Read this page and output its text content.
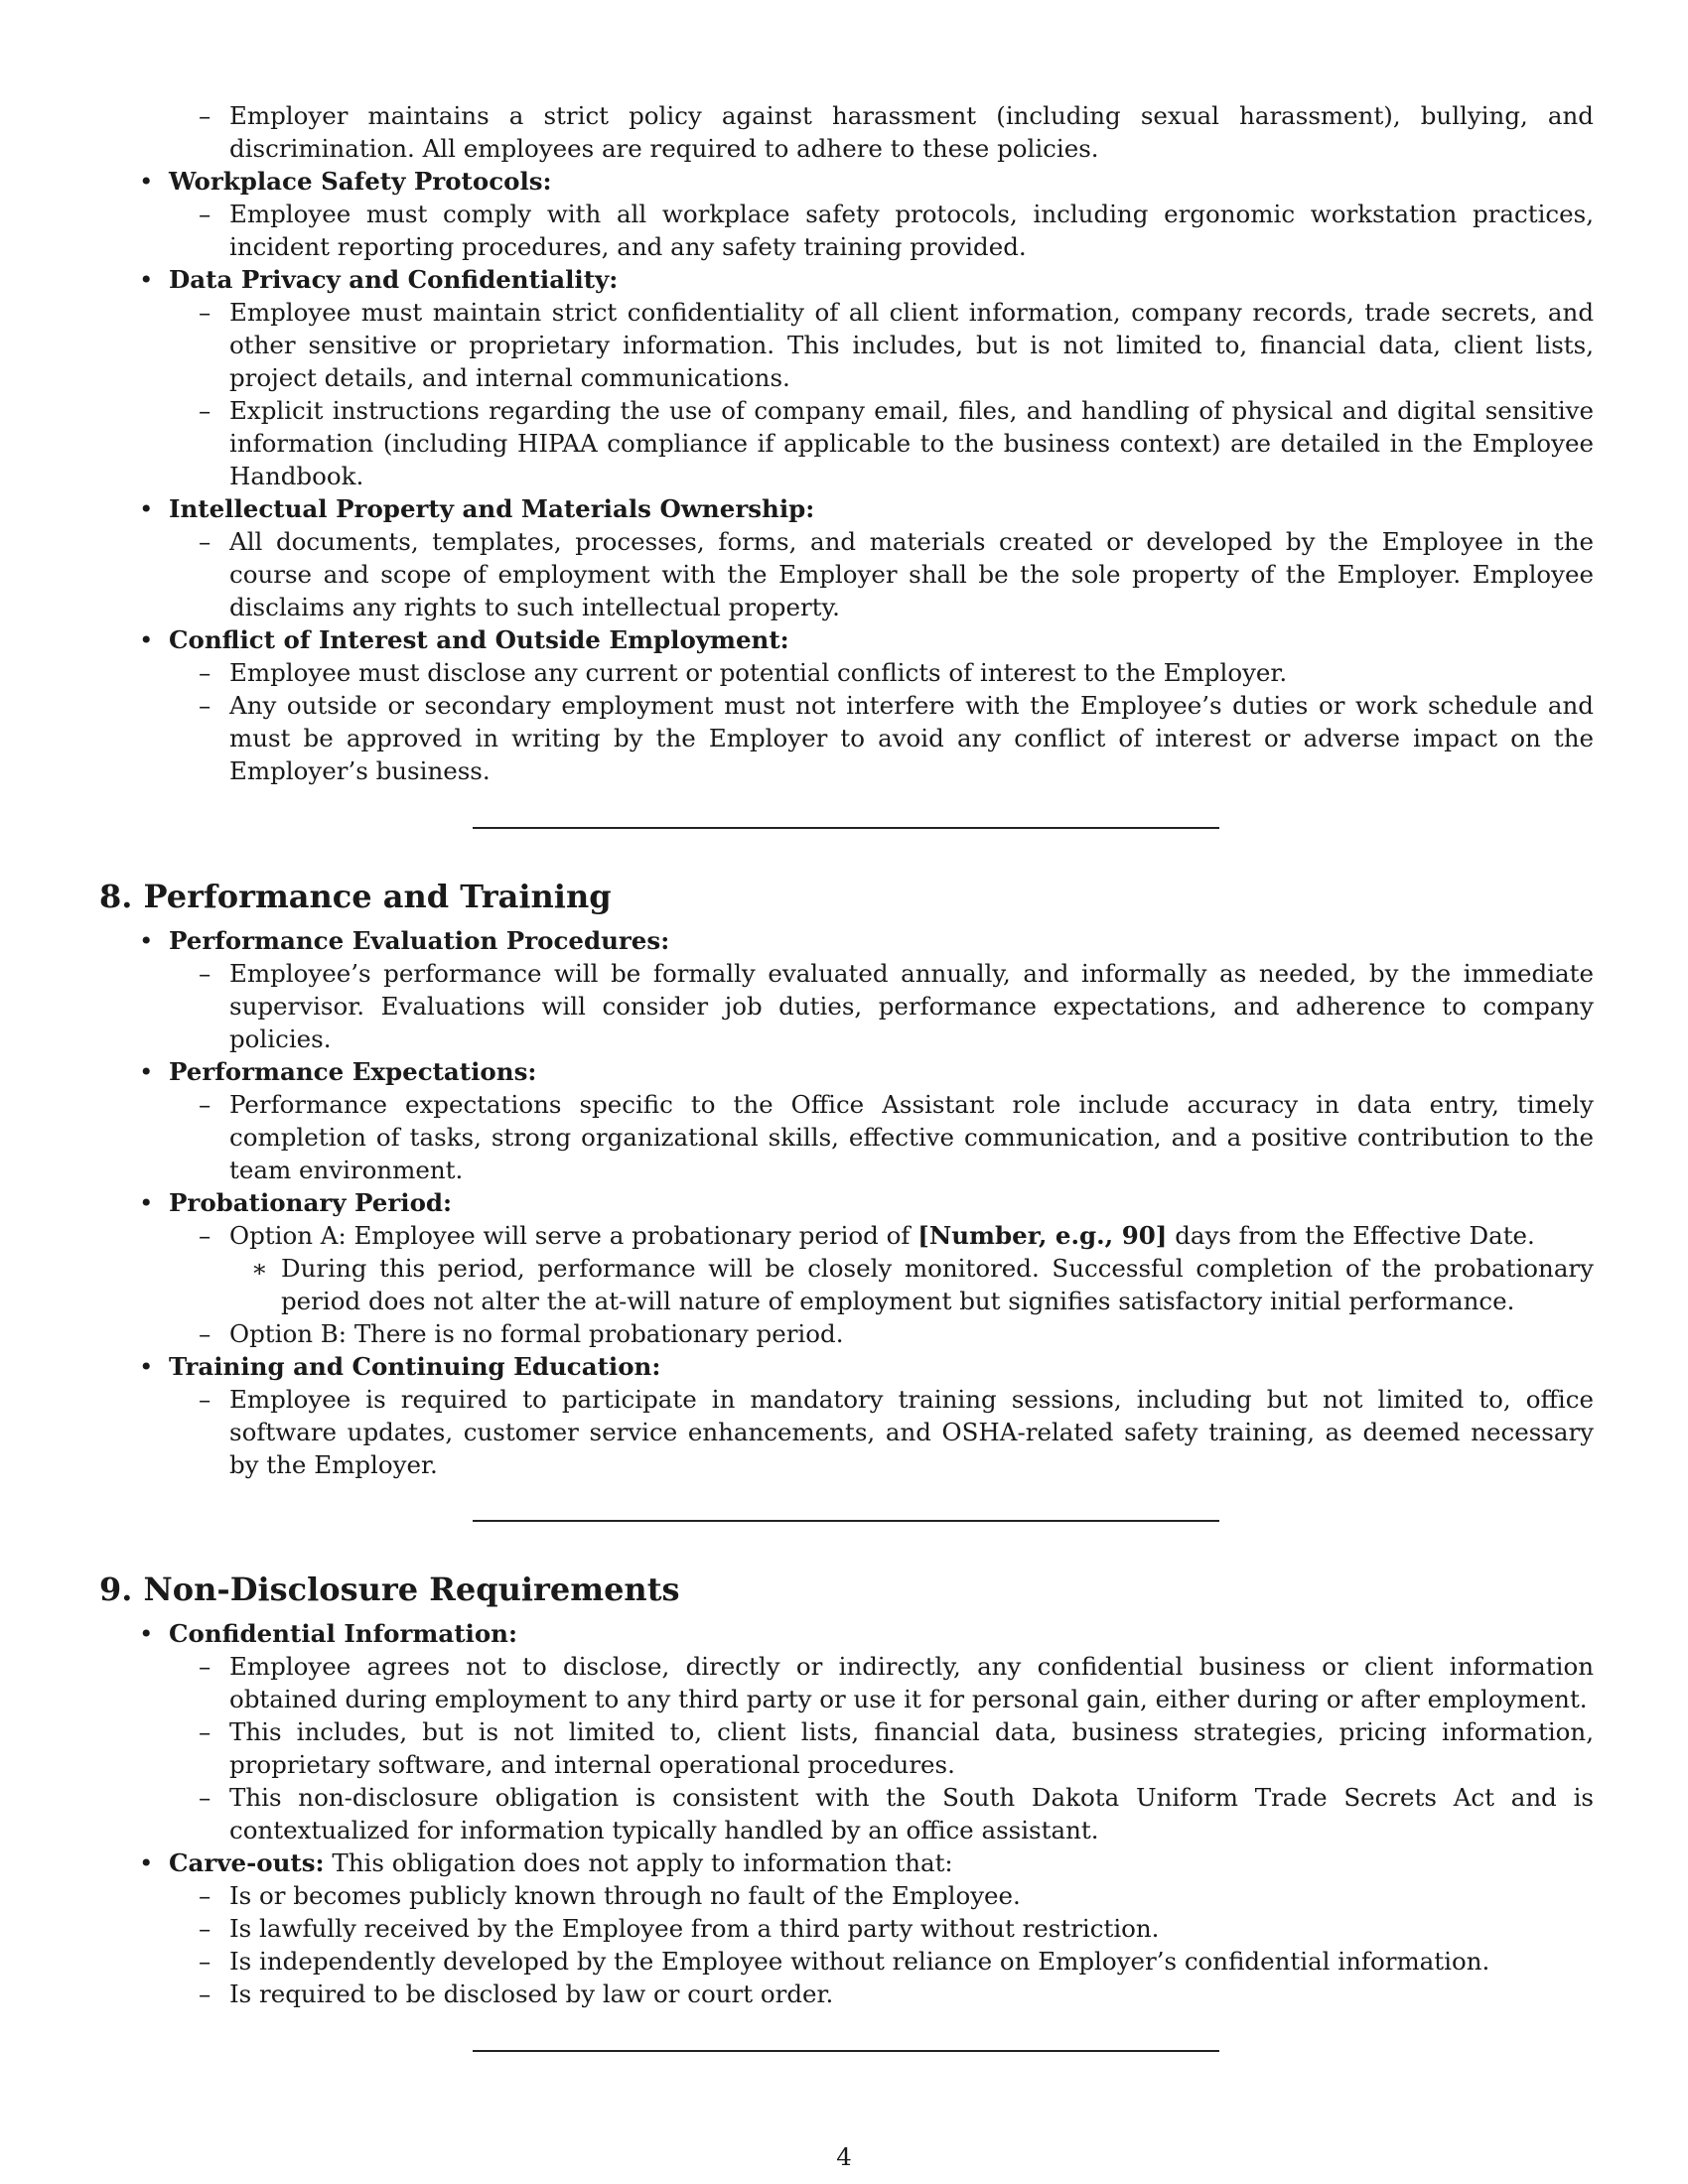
– Employer maintains a strict policy against harassment (including sexual harassment), bullying, and discrimination. All employees are required to adhere to these policies.
• Workplace Safety Protocols:
– Employee must comply with all workplace safety protocols, including ergonomic workstation practices, incident reporting procedures, and any safety training provided.
• Data Privacy and Confidentiality:
– Employee must maintain strict confidentiality of all client information, company records, trade secrets, and other sensitive or proprietary information. This includes, but is not limited to, financial data, client lists, project details, and internal communications.
– Explicit instructions regarding the use of company email, files, and handling of physical and digital sensitive information (including HIPAA compliance if applicable to the business context) are detailed in the Employee Handbook.
• Intellectual Property and Materials Ownership:
– All documents, templates, processes, forms, and materials created or developed by the Employee in the course and scope of employment with the Employer shall be the sole property of the Employer. Employee disclaims any rights to such intellectual property.
• Conflict of Interest and Outside Employment:
– Employee must disclose any current or potential conflicts of interest to the Employer.
– Any outside or secondary employment must not interfere with the Employee’s duties or work schedule and must be approved in writing by the Employer to avoid any conflict of interest or adverse impact on the Employer’s business.
8. Performance and Training
• Performance Evaluation Procedures:
– Employee’s performance will be formally evaluated annually, and informally as needed, by the immediate supervisor. Evaluations will consider job duties, performance expectations, and adherence to company policies.
• Performance Expectations:
– Performance expectations specific to the Office Assistant role include accuracy in data entry, timely completion of tasks, strong organizational skills, effective communication, and a positive contribution to the team environment.
• Probationary Period:
– Option A: Employee will serve a probationary period of [Number, e.g., 90] days from the Effective Date.
∗ During this period, performance will be closely monitored. Successful completion of the probationary period does not alter the at-will nature of employment but signifies satisfactory initial performance.
– Option B: There is no formal probationary period.
• Training and Continuing Education:
– Employee is required to participate in mandatory training sessions, including but not limited to, office software updates, customer service enhancements, and OSHA-related safety training, as deemed necessary by the Employer.
9. Non-Disclosure Requirements
• Confidential Information:
– Employee agrees not to disclose, directly or indirectly, any confidential business or client information obtained during employment to any third party or use it for personal gain, either during or after employment.
– This includes, but is not limited to, client lists, financial data, business strategies, pricing information, proprietary software, and internal operational procedures.
– This non-disclosure obligation is consistent with the South Dakota Uniform Trade Secrets Act and is contextualized for information typically handled by an office assistant.
• Carve-outs: This obligation does not apply to information that:
– Is or becomes publicly known through no fault of the Employee.
– Is lawfully received by the Employee from a third party without restriction.
– Is independently developed by the Employee without reliance on Employer’s confidential information.
– Is required to be disclosed by law or court order.
4
